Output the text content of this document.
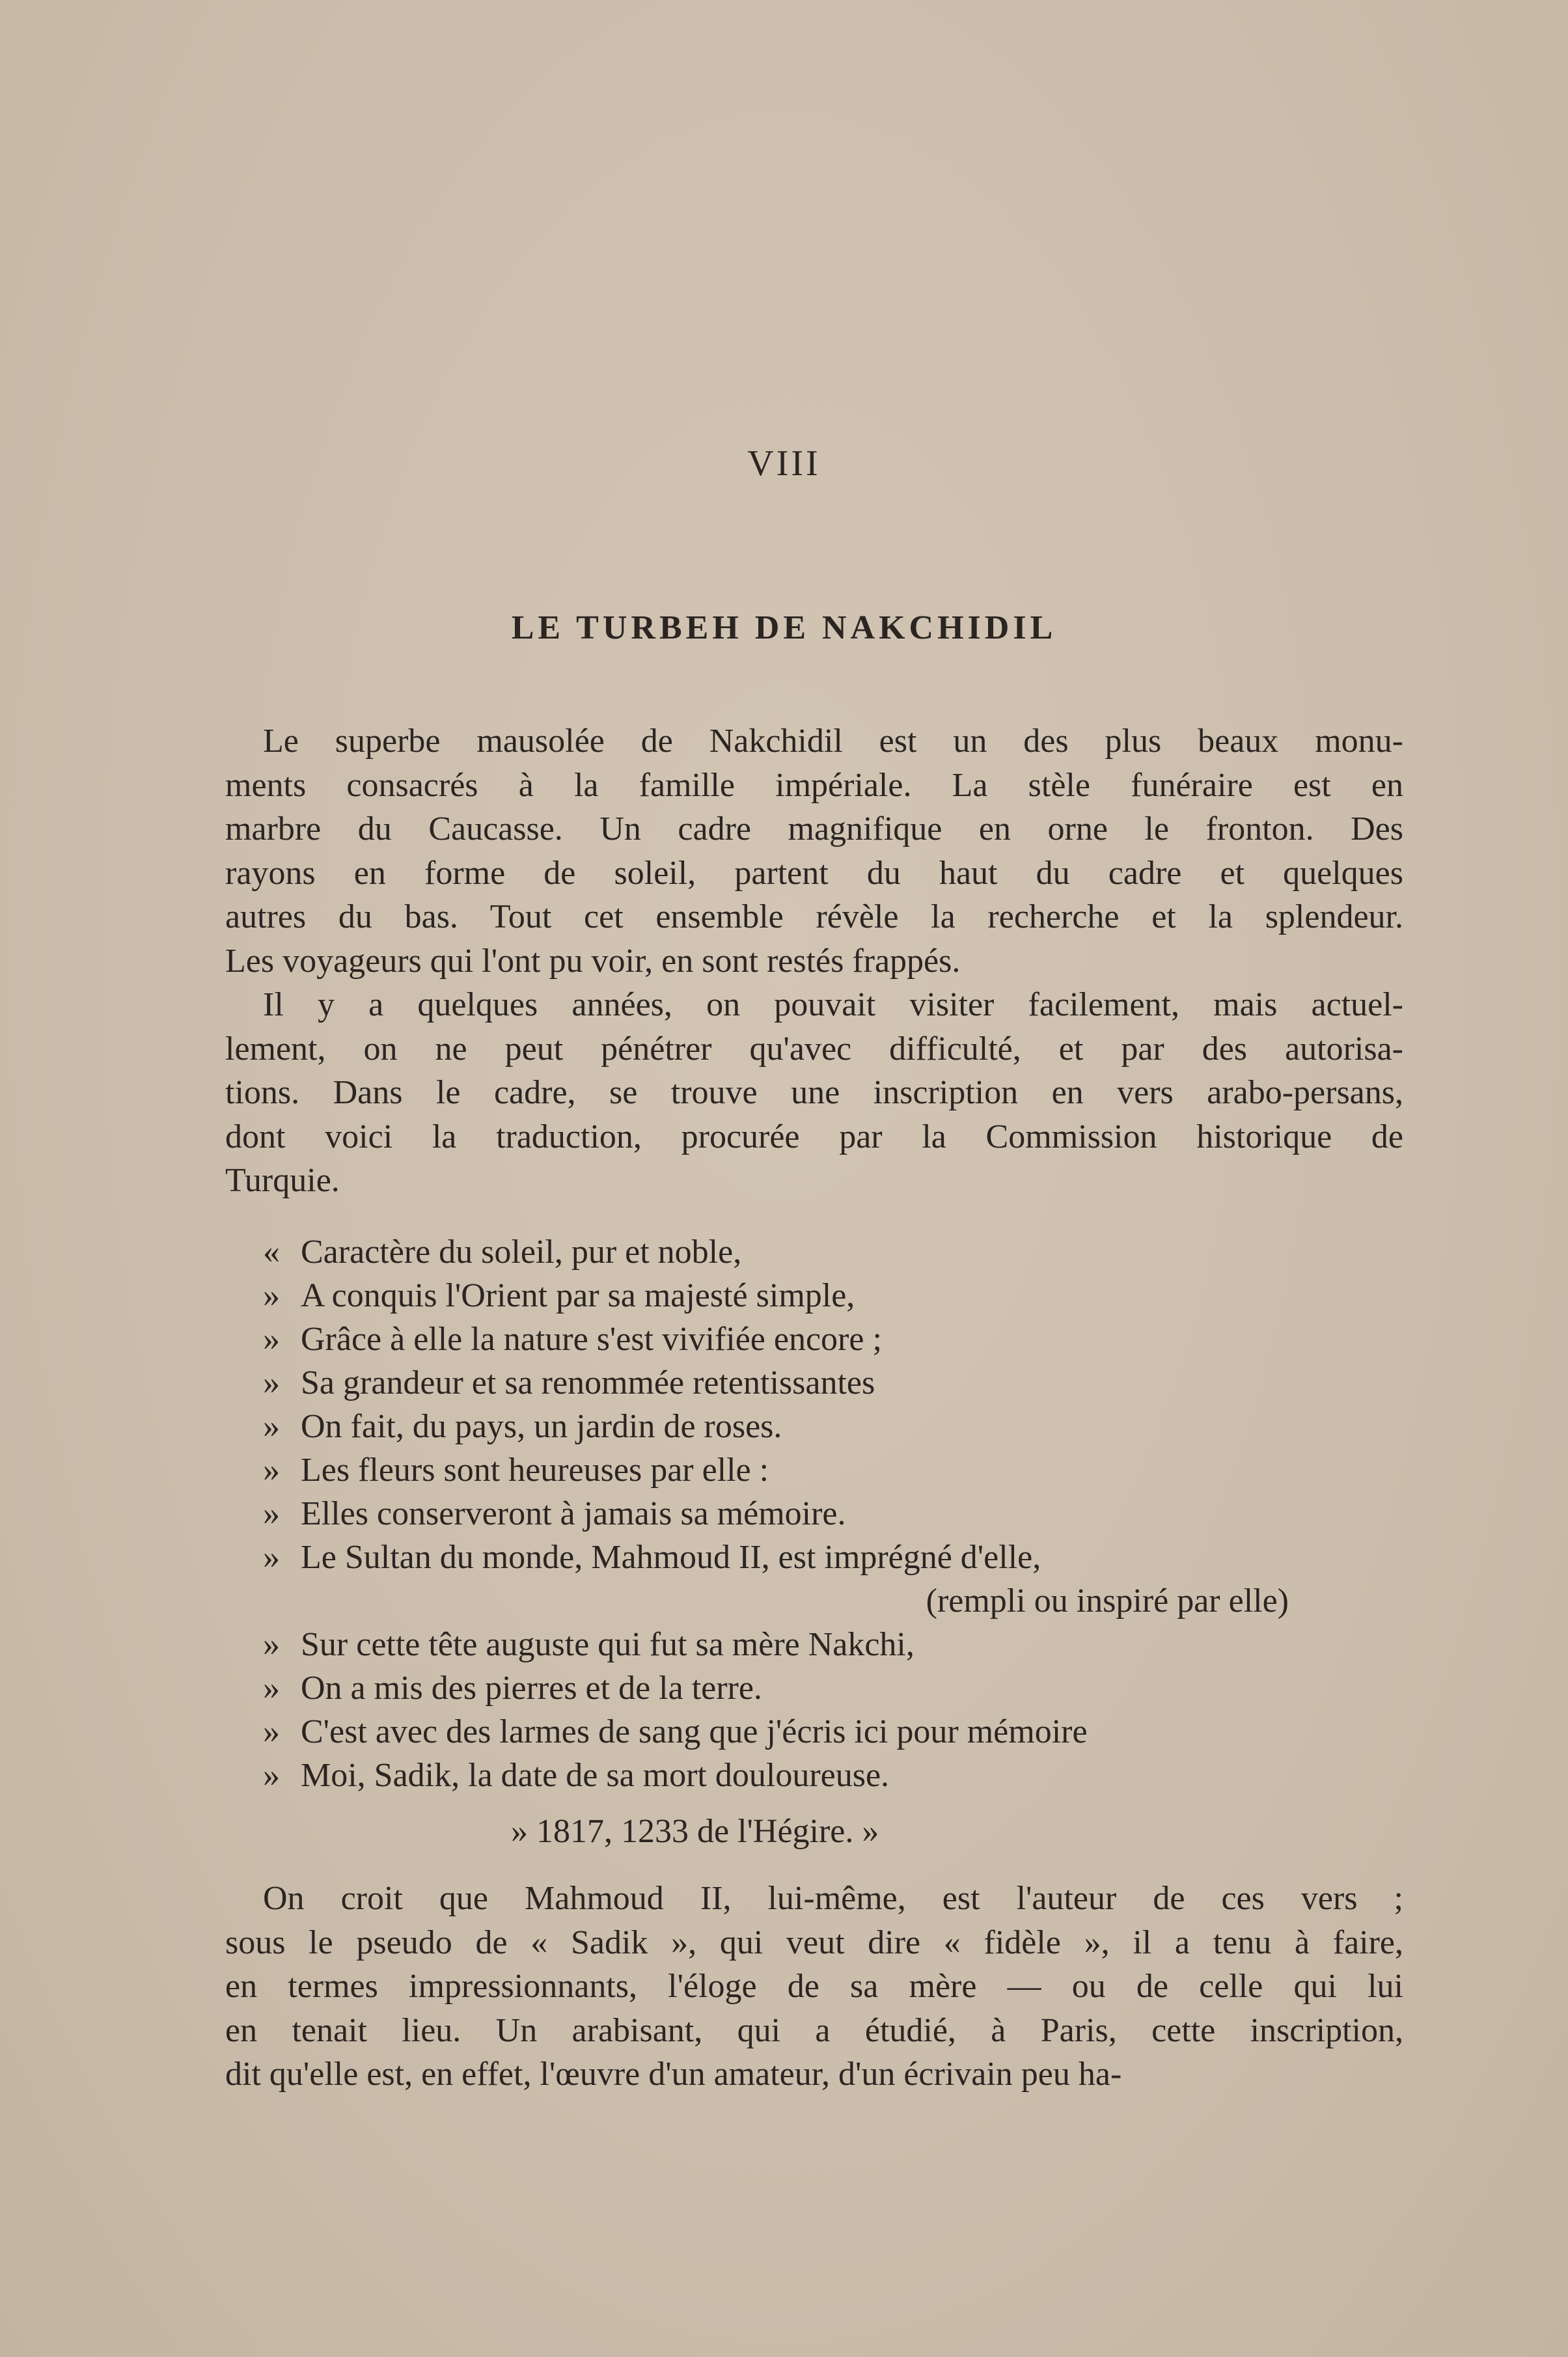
VIII
LE TURBEH DE NAKCHIDIL
Le superbe mausolée de Nakchidil est un des plus beaux monu-
ments consacrés à la famille impériale. La stèle funéraire est en
marbre du Caucasse. Un cadre magnifique en orne le fronton. Des
rayons en forme de soleil, partent du haut du cadre et quelques
autres du bas. Tout cet ensemble révèle la recherche et la splendeur.
Les voyageurs qui l'ont pu voir, en sont restés frappés.
Il y a quelques années, on pouvait visiter facilement, mais actuel-
lement, on ne peut pénétrer qu'avec difficulté, et par des autorisa-
tions. Dans le cadre, se trouve une inscription en vers arabo-persans,
dont voici la traduction, procurée par la Commission historique de
Turquie.
« Caractère du soleil, pur et noble,
» A conquis l'Orient par sa majesté simple,
» Grâce à elle la nature s'est vivifiée encore ;
» Sa grandeur et sa renommée retentissantes
» On fait, du pays, un jardin de roses.
» Les fleurs sont heureuses par elle :
» Elles conserveront à jamais sa mémoire.
» Le Sultan du monde, Mahmoud II, est imprégné d'elle,
(rempli ou inspiré par elle)
» Sur cette tête auguste qui fut sa mère Nakchi,
» On a mis des pierres et de la terre.
» C'est avec des larmes de sang que j'écris ici pour mémoire
» Moi, Sadik, la date de sa mort douloureuse.
» 1817, 1233 de l'Hégire. »
On croit que Mahmoud II, lui-même, est l'auteur de ces vers ;
sous le pseudo de « Sadik », qui veut dire « fidèle », il a tenu à faire,
en termes impressionnants, l'éloge de sa mère — ou de celle qui lui
en tenait lieu. Un arabisant, qui a étudié, à Paris, cette inscription,
dit qu'elle est, en effet, l'œuvre d'un amateur, d'un écrivain peu ha-
